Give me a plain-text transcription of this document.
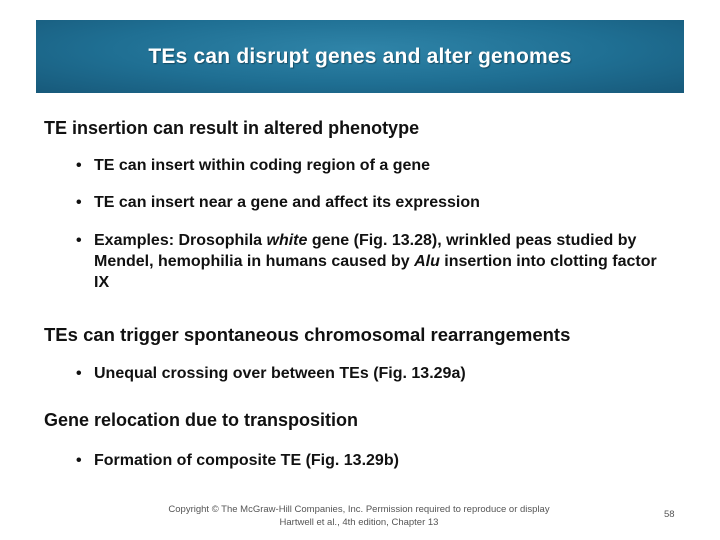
TEs can disrupt genes and alter genomes
TE insertion can result in altered phenotype
• TE can insert within coding region of a gene
• TE can insert near a gene and affect its expression
• Examples: Drosophila white gene (Fig. 13.28), wrinkled peas studied by Mendel, hemophilia in humans caused by Alu insertion into clotting factor IX
TEs can trigger spontaneous chromosomal rearrangements
• Unequal crossing over between TEs (Fig. 13.29a)
Gene relocation due to transposition
• Formation of composite TE (Fig. 13.29b)
Copyright © The McGraw-Hill Companies, Inc. Permission required to reproduce or display
Hartwell et al., 4th edition, Chapter 13
58
